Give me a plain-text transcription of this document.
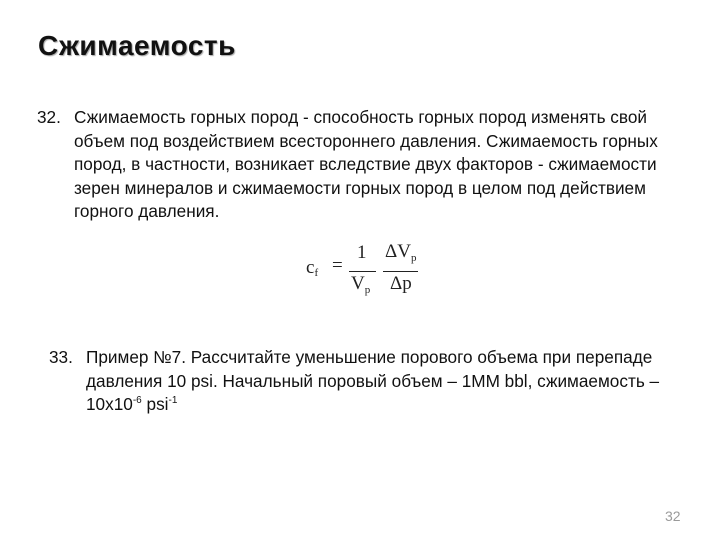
Сжимаемость
32. Сжимаемость горных пород - способность горных пород изменять свой
объем под воздействием всестороннего давления. Сжимаемость горных
пород, в частности, возникает вследствие двух факторов - сжимаемости
зерен минералов и сжимаемости горных пород в целом под действием
горного давления.
$c_f$ =
1
$V_p$
$\Delta V_p$
Δp
33. Пример №7. Рассчитайте уменьшение порового объема при перепаде
давления 10 psi. Начальный поровый объем – 1MM bbl, сжимаемость –
$10x10^{-6}$ psi$^{-1}$
32
